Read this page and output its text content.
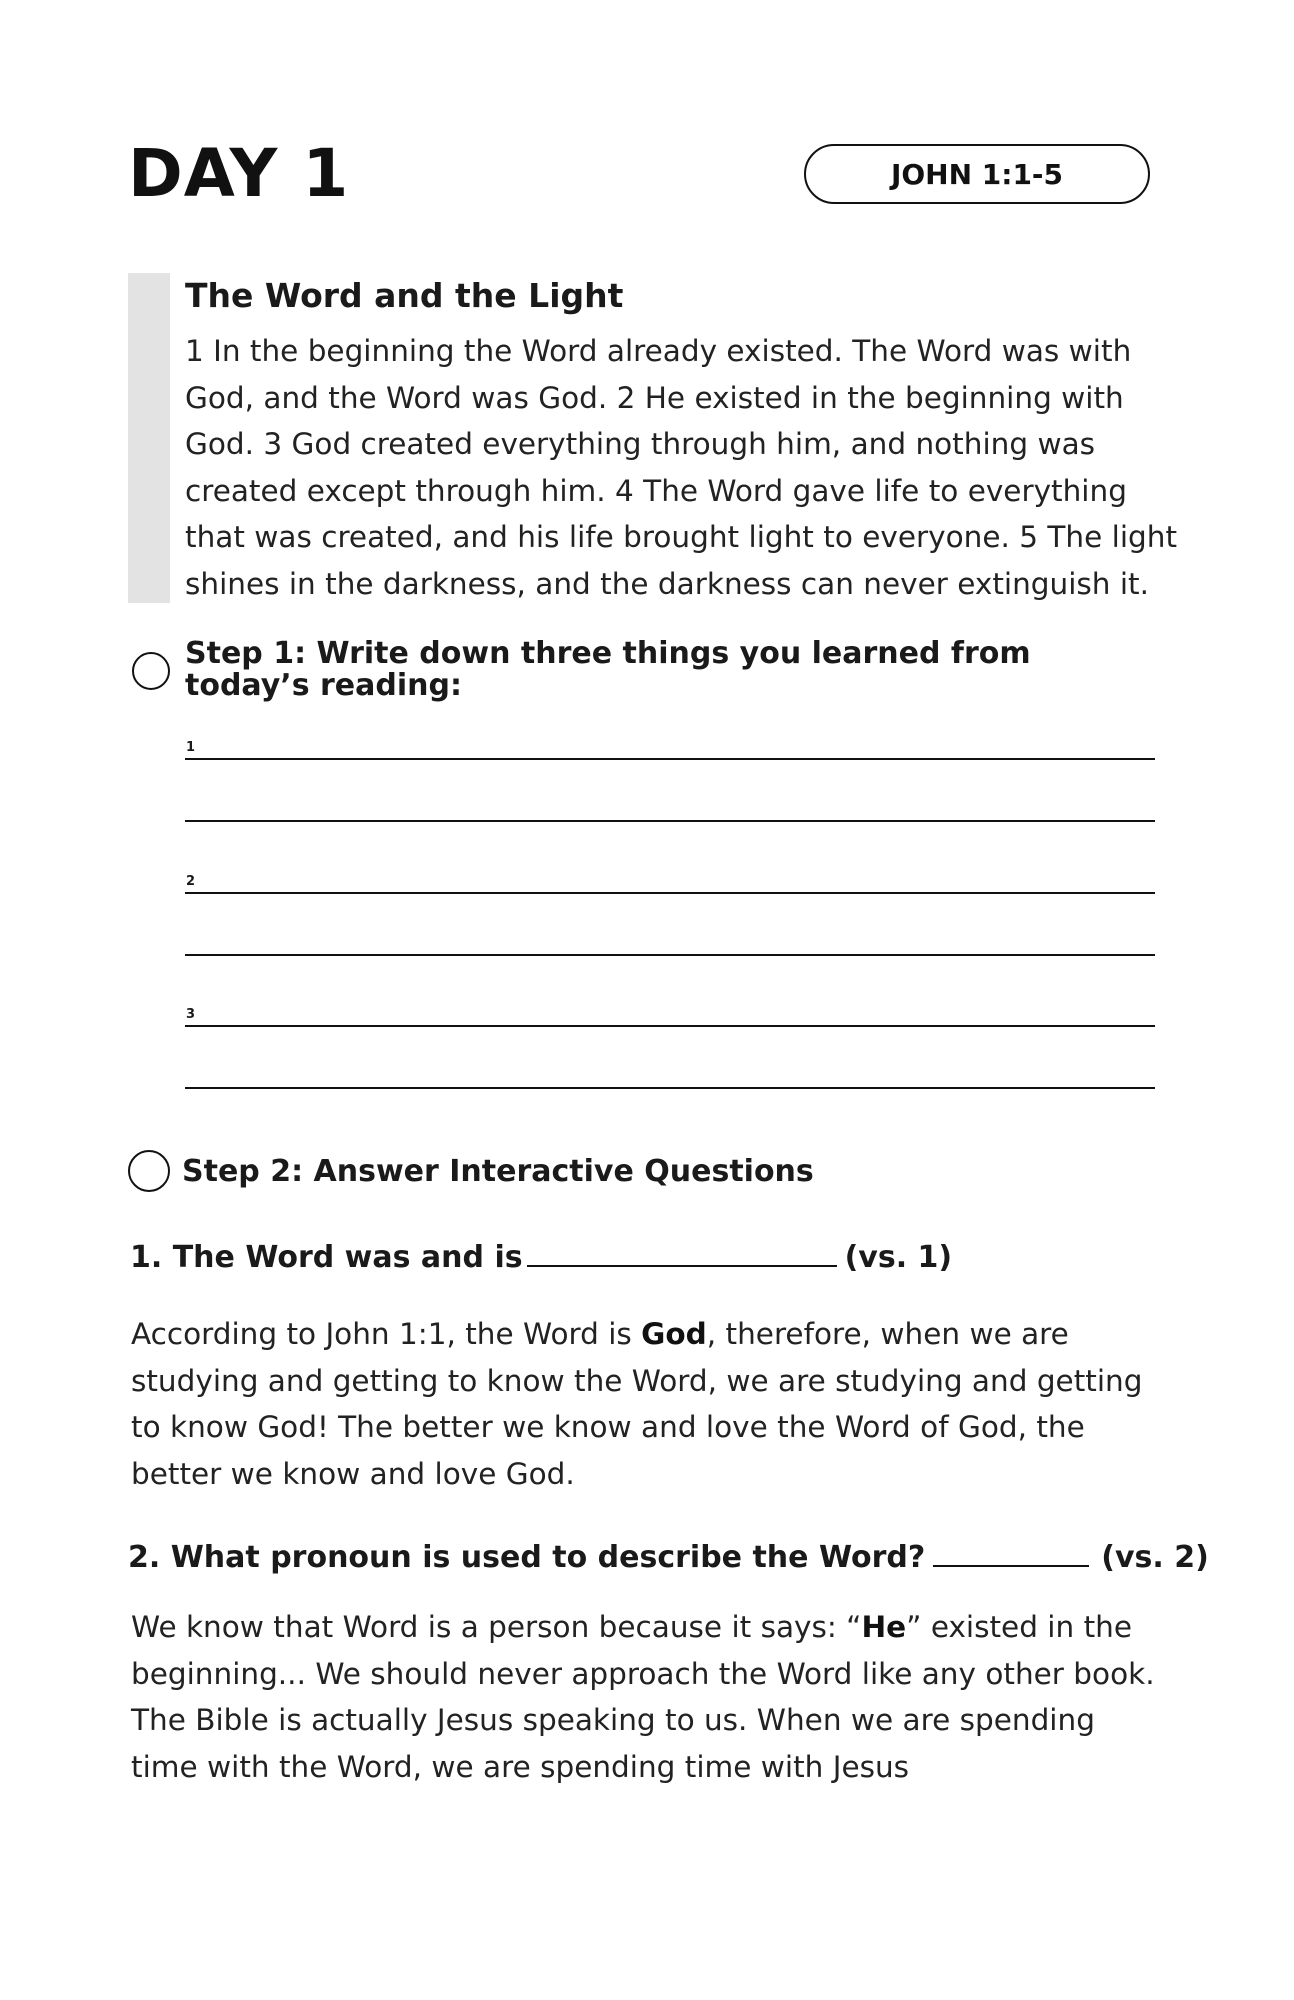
DAY 1	JOHN 1:1-5
The Word and the Light
1 In the beginning the Word already existed. The Word was with God, and the Word was God. 2 He existed in the beginning with God. 3 God created everything through him, and nothing was created except through him. 4 The Word gave life to everything that was created, and his life brought light to everyone. 5 The light shines in the darkness, and the darkness can never extinguish it.
Step 1: Write down three things you learned from today’s reading:
1
2
3
Step 2: Answer Interactive Questions
1. The Word was and is	(vs. 1)
According to John 1:1, the Word is God, therefore, when we are studying and getting to know the Word, we are studying and getting to know God! The better we know and love the Word of God, the better we know and love God.
2. What pronoun is used to describe the Word?	(vs. 2)
We know that Word is a person because it says: “He” existed in the beginning... We should never approach the Word like any other book. The Bible is actually Jesus speaking to us. When we are spending time with the Word, we are spending time with Jesus
